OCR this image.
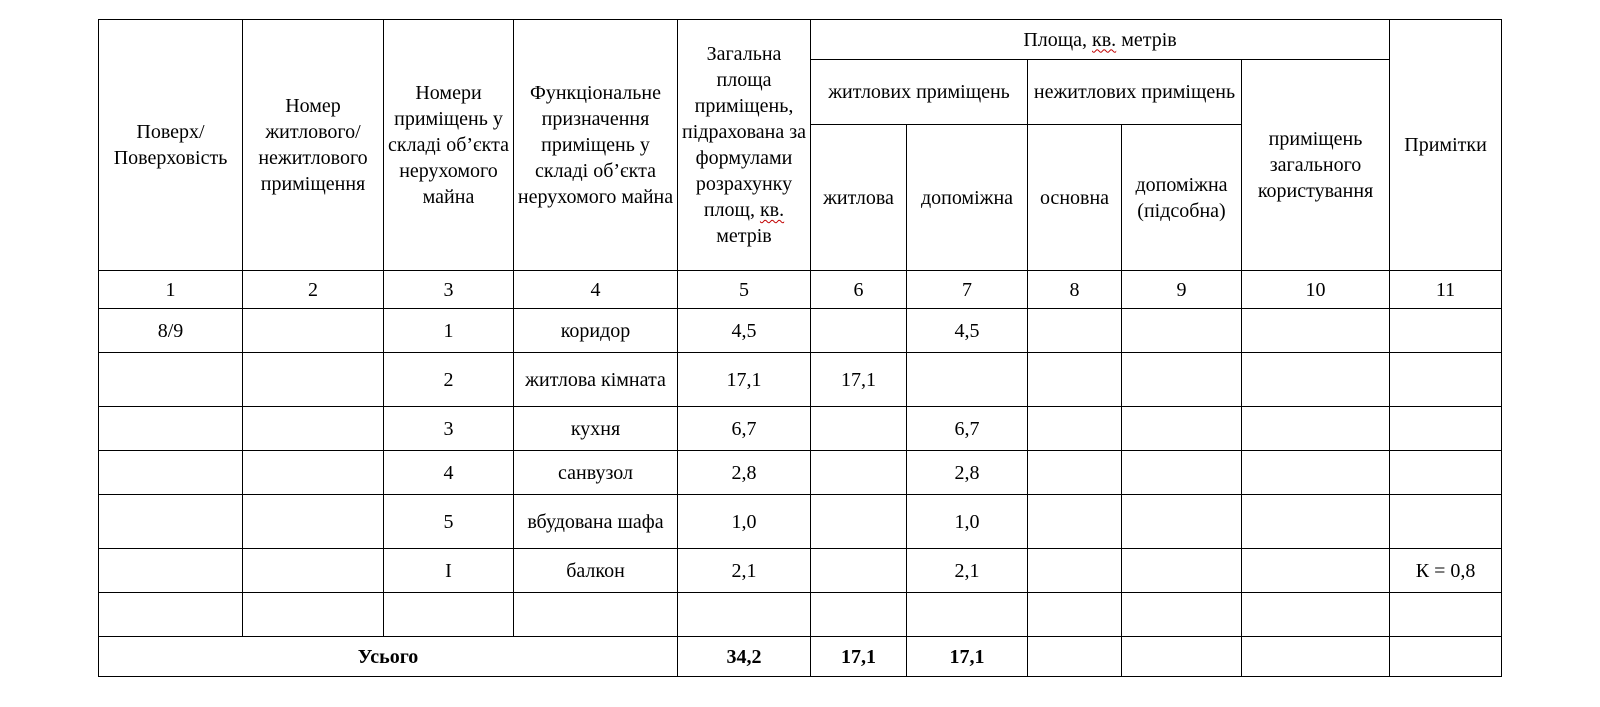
Поверх/ Поверховість	Номер житлового/ нежитлового приміщення	Номери приміщень у складі об’єкта нерухомого майна	Функціональне призначення приміщень у складі об’єкта нерухомого майна	Загальна площа приміщень, підрахована за формулами розрахунку площ, кв. метрів	Площа, кв. метрів					Примітки
					житлових приміщень		нежитлових приміщень		приміщень загального користування	
					житлова	допоміжна	основна	допоміжна (підсобна)		
1	2	3	4	5	6	7	8	9	10	11
8/9		1	коридор	4,5		4,5				
		2	житлова кімната	17,1	17,1					
		3	кухня	6,7		6,7				
		4	санвузол	2,8		2,8				
		5	вбудована шафа	1,0		1,0				
		I	балкон	2,1		2,1				К = 0,8

Усього				34,2	17,1	17,1				
